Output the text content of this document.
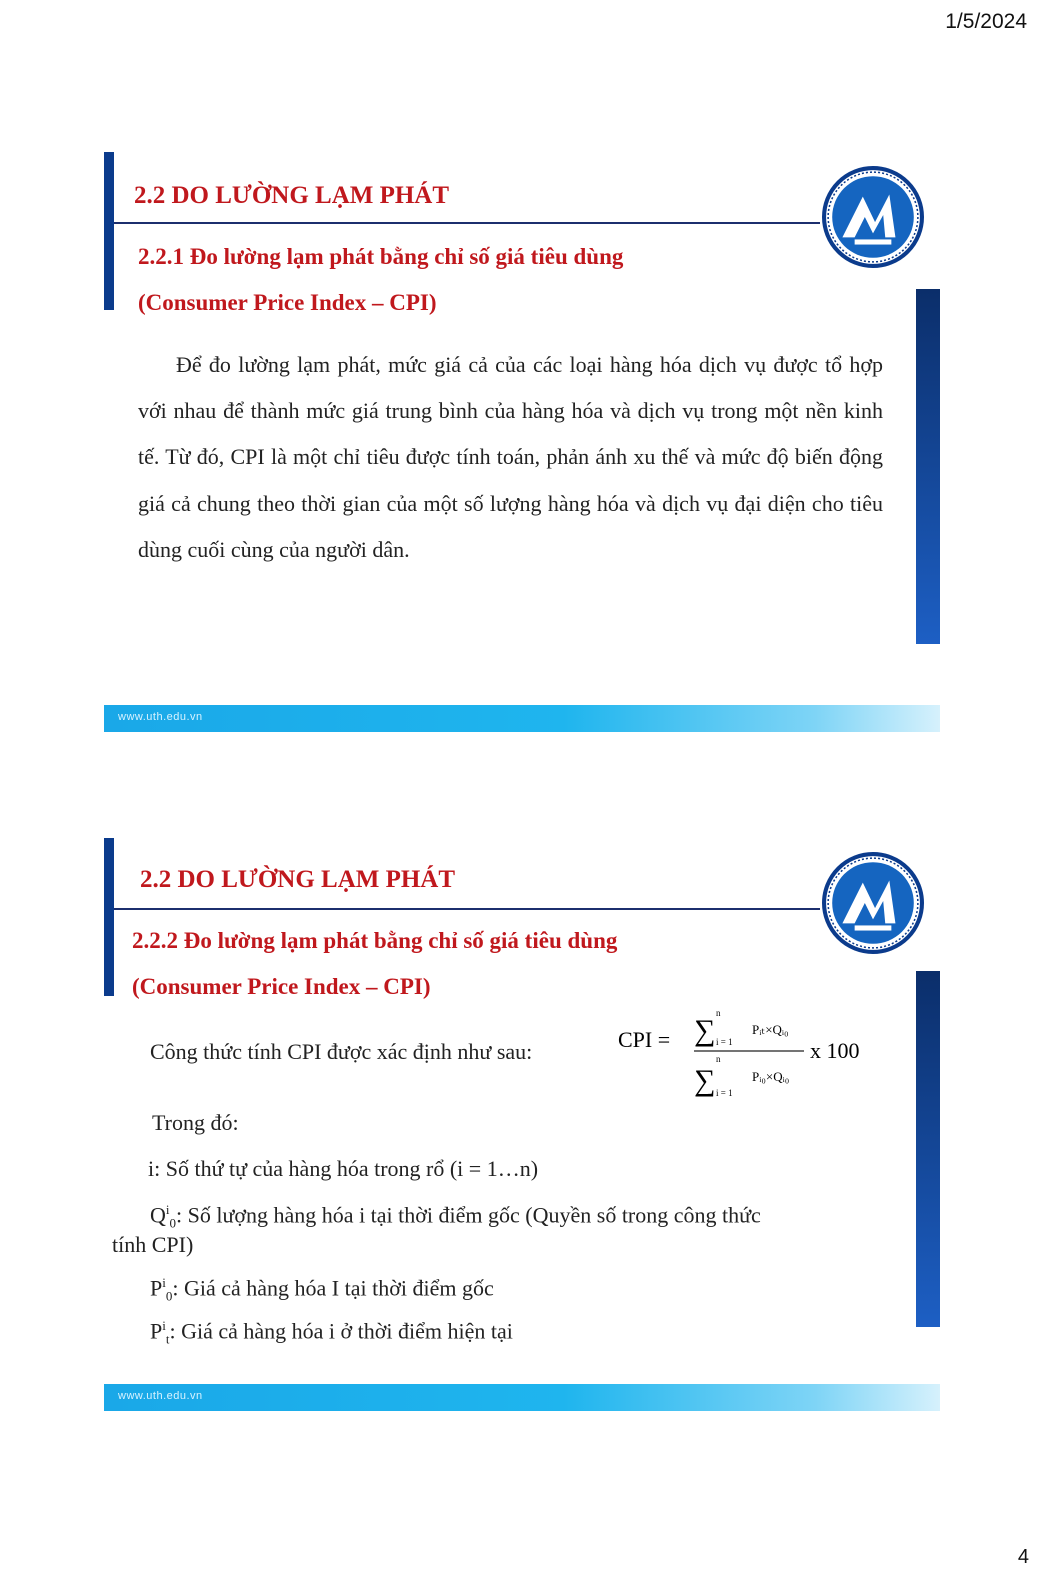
1/5/2024
2.2 DO LƯỜNG LẠM PHÁT
2.2.1 Đo lường lạm phát bằng chỉ số giá tiêu dùng
(Consumer Price Index – CPI)
Để đo lường lạm phát, mức giá cả của các loại hàng hóa dịch vụ được tổ hợp với nhau để thành mức giá trung bình của hàng hóa và dịch vụ trong một nền kinh tế. Từ đó, CPI là một chỉ tiêu được tính toán, phản ánh xu thế và mức độ biến động giá cả chung theo thời gian của một số lượng hàng hóa và dịch vụ đại diện cho tiêu dùng cuối cùng của người dân.
www.uth.edu.vn
2.2 DO LƯỜNG LẠM PHÁT
2.2.2 Đo lường lạm phát bằng chỉ số giá tiêu dùng
(Consumer Price Index – CPI)
Công thức tính CPI được xác định như sau:	CPI = ∑
n
i = 1
Pᵢₜ×Qᵢ₀
∑
n
i = 1
Pᵢ₀×Qᵢ₀
x 100
Trong đó:
i: Số thứ tự của hàng hóa trong rổ (i = 1…n)
$Q^i_0$: Số lượng hàng hóa i tại thời điểm gốc (Quyền số trong công thức
tính CPI)
$P^i_0$: Giá cả hàng hóa I tại thời điểm gốc
$P^i_t$: Giá cả hàng hóa i ở thời điểm hiện tại
www.uth.edu.vn
4
